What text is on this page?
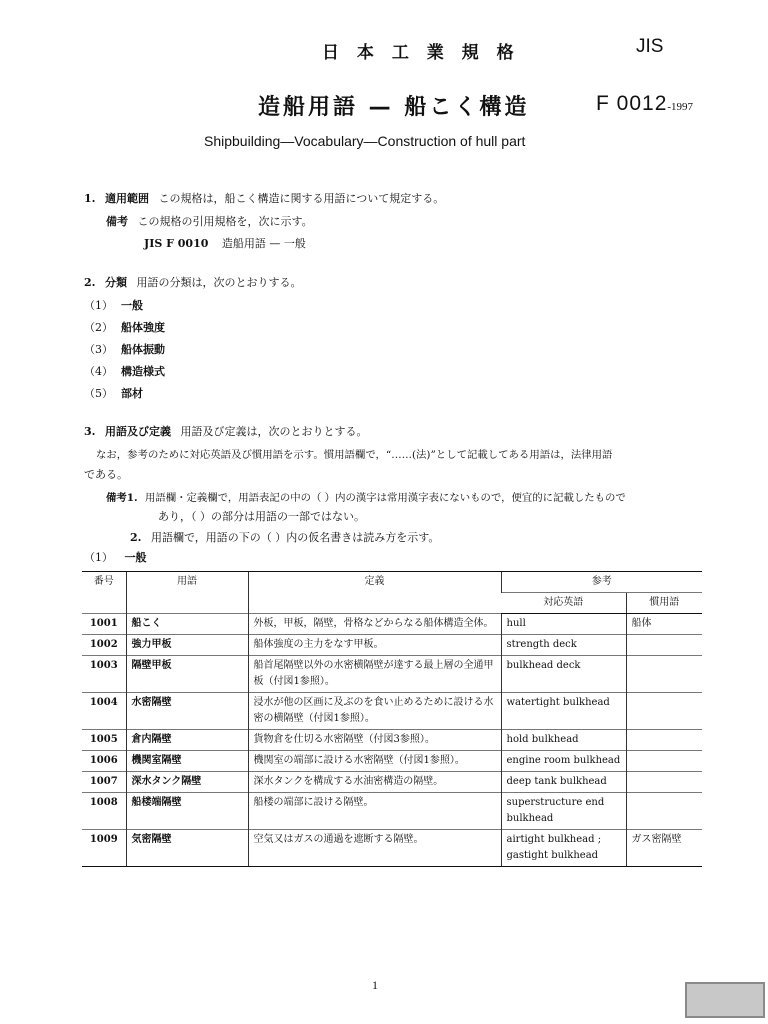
日 本 工 業 規 格	JIS
造船用語 — 船こく構造	F 0012-1997
Shipbuilding—Vocabulary—Construction of hull part
1. 適用範囲 この規格は，船こく構造に関する用語について規定する。
備考 この規格の引用規格を，次に示す。
JIS F 0010 造船用語 — 一般
2. 分類 用語の分類は，次のとおりする。
（1） 一般
（2） 船体強度
（3） 船体振動
（4） 構造様式
（5） 部材
3. 用語及び定義 用語及び定義は，次のとおりとする。
なお，参考のために対応英語及び慣用語を示す。慣用語欄で，“……(法)”として記載してある用語は，法律用語
である。
備考1. 用語欄・定義欄で，用語表記の中の（ ）内の漢字は常用漢字表にないもので，便宜的に記載したもので
あり，（ ）の部分は用語の一部ではない。
2. 用語欄で，用語の下の（ ）内の仮名書きは読み方を示す。
（1） 一般
番号	用語	定義	参考	
			対応英語	慣用語
1001	船こく	外板，甲板，隔壁，骨格などからなる船体構造全体。	hull	船体
1002	強力甲板	船体強度の主力をなす甲板。	strength deck	
1003	隔壁甲板	船首尾隔壁以外の水密横隔壁が達する最上層の全通甲板（付図1参照）。	bulkhead deck	
1004	水密隔壁	浸水が他の区画に及ぶのを食い止めるために設ける水密の横隔壁（付図1参照）。	watertight bulkhead	
1005	倉内隔壁	貨物倉を仕切る水密隔壁（付図3参照）。	hold bulkhead	
1006	機関室隔壁	機関室の端部に設ける水密隔壁（付図1参照）。	engine room bulkhead	
1007	深水タンク隔壁	深水タンクを構成する水油密構造の隔壁。	deep tank bulkhead	
1008	船楼端隔壁	船楼の端部に設ける隔壁。	superstructure end bulkhead	
1009	気密隔壁	空気又はガスの通過を遮断する隔壁。	airtight bulkhead ; gastight bulkhead	ガス密隔壁
1
